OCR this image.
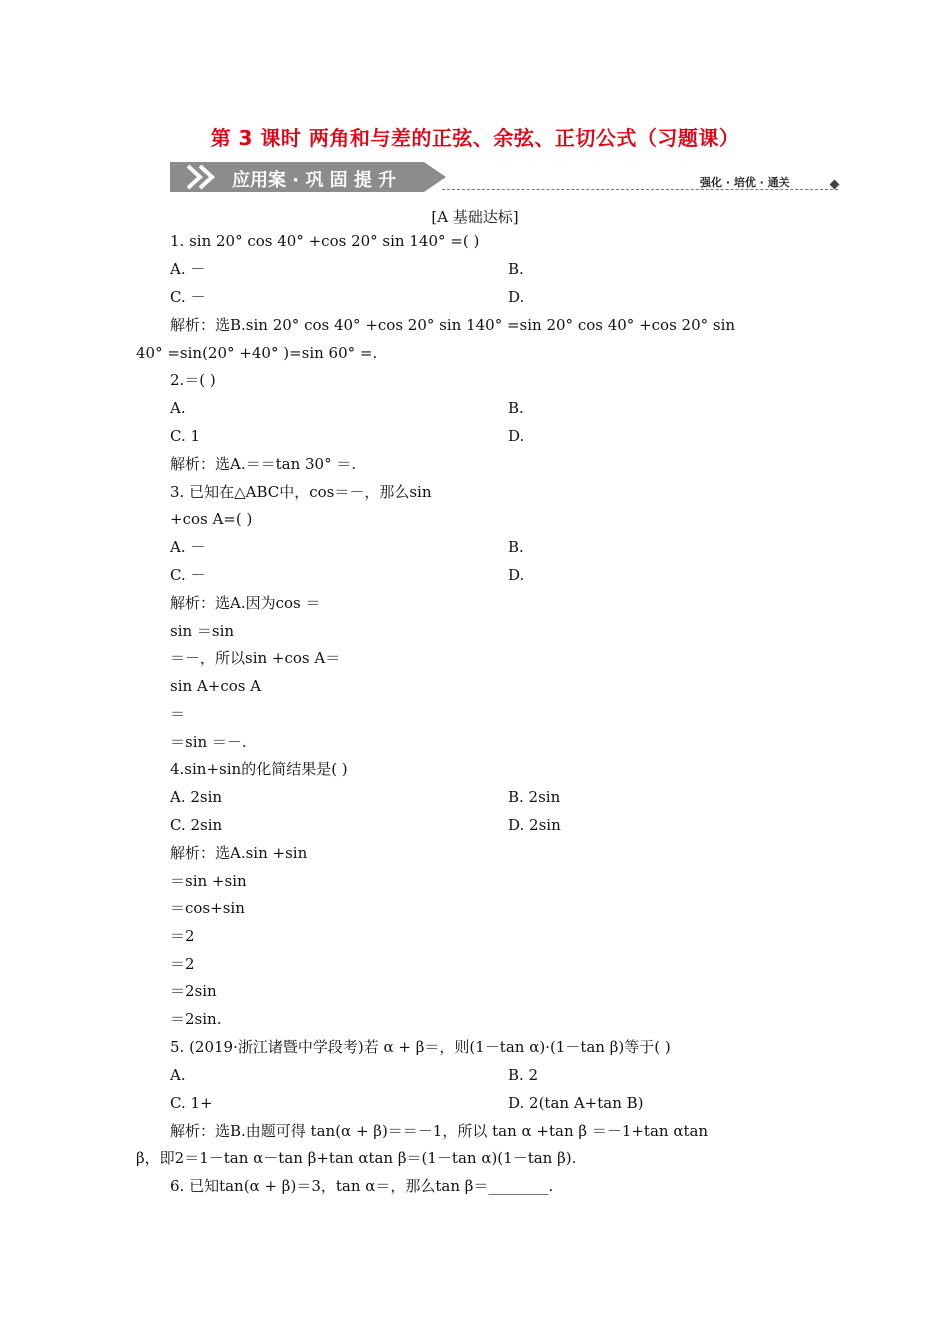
第 3 课时 两角和与差的正弦、余弦、正切公式（习题课）
应用案 · 巩 固 提 升	强化 · 培优 · 通关
[A 基础达标]
1. sin 20° cos 40° +cos 20° sin 140° =( )
A. －	B.
C. －	D.
解析：选B.sin 20° cos 40° +cos 20° sin 140° =sin 20° cos 40° +cos 20° sin
40° =sin(20° +40° )=sin 60° =.
2.＝( )
A.	B.
C. 1	D.
解析：选A.＝＝tan 30° ＝.
3. 已知在△ABC中，cos＝－，那么sin
+cos A=( )
A. －	B.
C. －	D.
解析：选A.因为cos ＝
sin ＝sin
＝－，所以sin +cos A＝
sin A+cos A
＝
＝sin ＝－.
4.sin+sin的化简结果是( )
A. 2sin	B. 2sin
C. 2sin	D. 2sin
解析：选A.sin +sin
＝sin +sin
＝cos+sin
＝2
＝2
＝2sin
＝2sin.
5. (2019·浙江诸暨中学段考)若 α + β＝，则(1－tan α)·(1－tan β)等于( )
A.	B. 2
C. 1+	D. 2(tan A+tan B)
解析：选B.由题可得 tan(α + β)＝＝－1，所以 tan α +tan β ＝－1+tan αtan
β，即2＝1－tan α－tan β+tan αtan β＝(1－tan α)(1－tan β).
6. 已知tan(α + β)＝3，tan α＝，那么tan β＝________.
